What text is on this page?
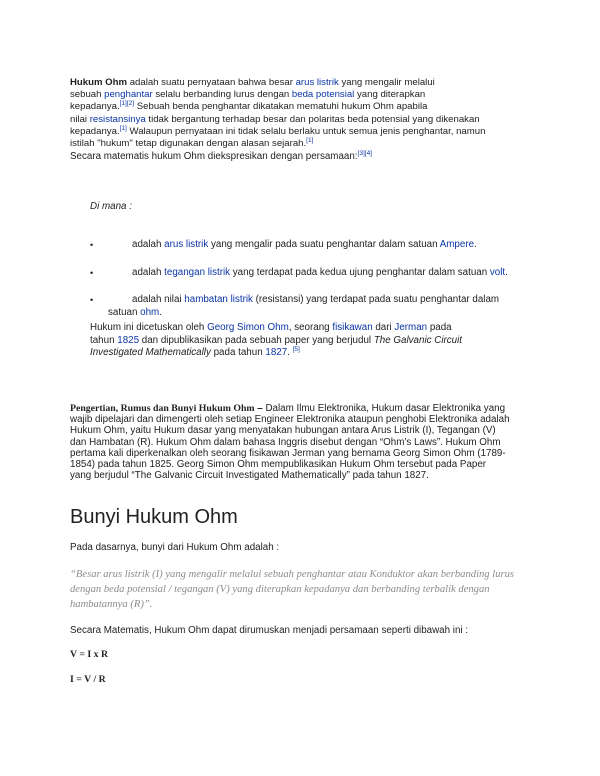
Hukum Ohm adalah suatu pernyataan bahwa besar arus listrik yang mengalir melalui
sebuah penghantar selalu berbanding lurus dengan beda potensial yang diterapkan
kepadanya.[1][2] Sebuah benda penghantar dikatakan mematuhi hukum Ohm apabila
nilai resistansinya tidak bergantung terhadap besar dan polaritas beda potensial yang dikenakan
kepadanya.[1] Walaupun pernyataan ini tidak selalu berlaku untuk semua jenis penghantar, namun
istilah "hukum" tetap digunakan dengan alasan sejarah.[1]

Secara matematis hukum Ohm diekspresikan dengan persamaan:[3][4]

Di mana :

•	adalah arus listrik yang mengalir pada suatu penghantar dalam satuan Ampere.
•	adalah tegangan listrik yang terdapat pada kedua ujung penghantar dalam satuan volt.
•	adalah nilai hambatan listrik (resistansi) yang terdapat pada suatu penghantar dalam
satuan ohm.

Hukum ini dicetuskan oleh Georg Simon Ohm, seorang fisikawan dari Jerman pada
tahun 1825 dan dipublikasikan pada sebuah paper yang berjudul The Galvanic Circuit Investigated Mathematically pada tahun 1827. [5]

Pengertian, Rumus dan Bunyi Hukum Ohm – Dalam Ilmu Elektronika, Hukum dasar Elektronika yang wajib dipelajari dan dimengerti oleh setiap Engineer Elektronika ataupun penghobi Elektronika adalah Hukum Ohm, yaitu Hukum dasar yang menyatakan hubungan antara Arus Listrik (I), Tegangan (V) dan Hambatan (R). Hukum Ohm dalam bahasa Inggris disebut dengan “Ohm’s Laws”. Hukum Ohm pertama kali diperkenalkan oleh seorang fisikawan Jerman yang bernama Georg Simon Ohm (1789-1854) pada tahun 1825. Georg Simon Ohm mempublikasikan Hukum Ohm tersebut pada Paper yang berjudul “The Galvanic Circuit Investigated Mathematically” pada tahun 1827.

Bunyi Hukum Ohm

Pada dasarnya, bunyi dari Hukum Ohm adalah :

“Besar arus listrik (I) yang mengalir melalui sebuah penghantar atau Konduktor akan berbanding lurus dengan beda potensial / tegangan (V) yang diterapkan kepadanya dan berbanding terbalik dengan hambatannya (R)”.

Secara Matematis, Hukum Ohm dapat dirumuskan menjadi persamaan seperti dibawah ini :

V = I x R

I = V / R
